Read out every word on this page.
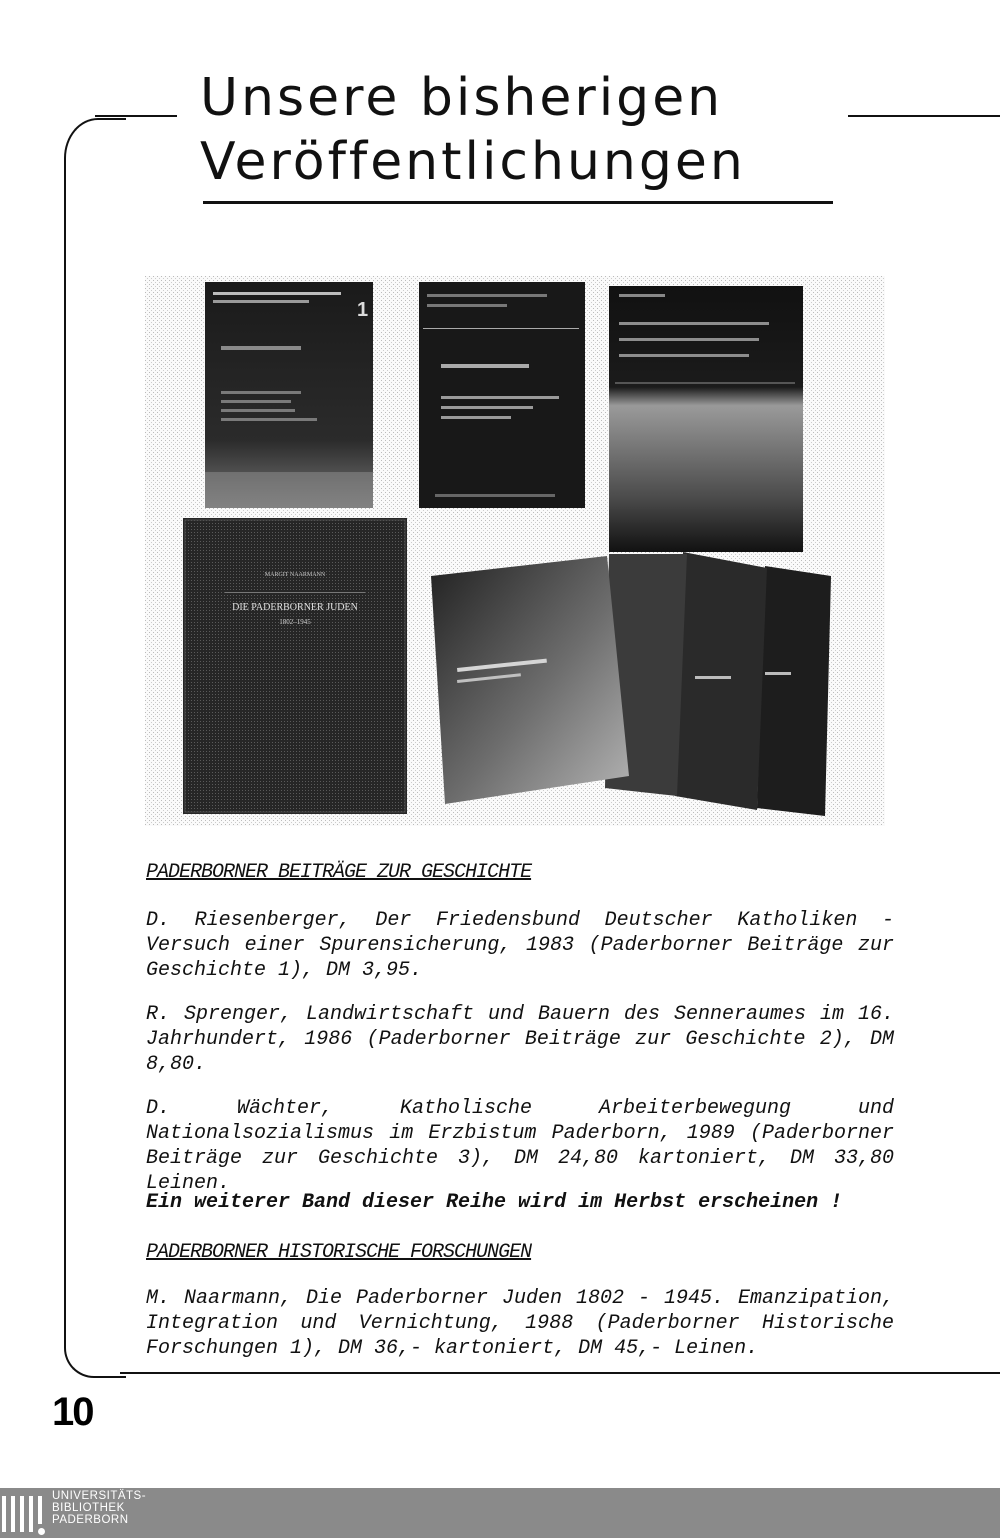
Unsere bisherigen
Veröffentlichungen
1
MARGIT NAARMANN
DIE PADERBORNER JUDEN
1802–1945
PADERBORNER BEITRÄGE ZUR GESCHICHTE
D. Riesenberger, Der Friedensbund Deutscher Katholiken - Versuch einer Spurensicherung, 1983 (Paderborner Beiträge zur Geschichte 1), DM 3,95.
R. Sprenger, Landwirtschaft und Bauern des Senneraumes im 16. Jahrhundert, 1986 (Paderborner Beiträge zur Geschichte 2), DM 8,80.
D. Wächter, Katholische Arbeiterbewegung und Nationalsozialismus im Erzbistum Paderborn, 1989 (Paderborner Beiträge zur Geschichte 3), DM 24,80 kartoniert, DM 33,80 Leinen.
Ein weiterer Band dieser Reihe wird im Herbst erscheinen !
PADERBORNER HISTORISCHE FORSCHUNGEN
M. Naarmann, Die Paderborner Juden 1802 - 1945. Emanzipation, Integration und Vernichtung, 1988 (Paderborner Historische Forschungen 1), DM 36,- kartoniert, DM 45,- Leinen.
10
UNIVERSITÄTS-
BIBLIOTHEK
PADERBORN
